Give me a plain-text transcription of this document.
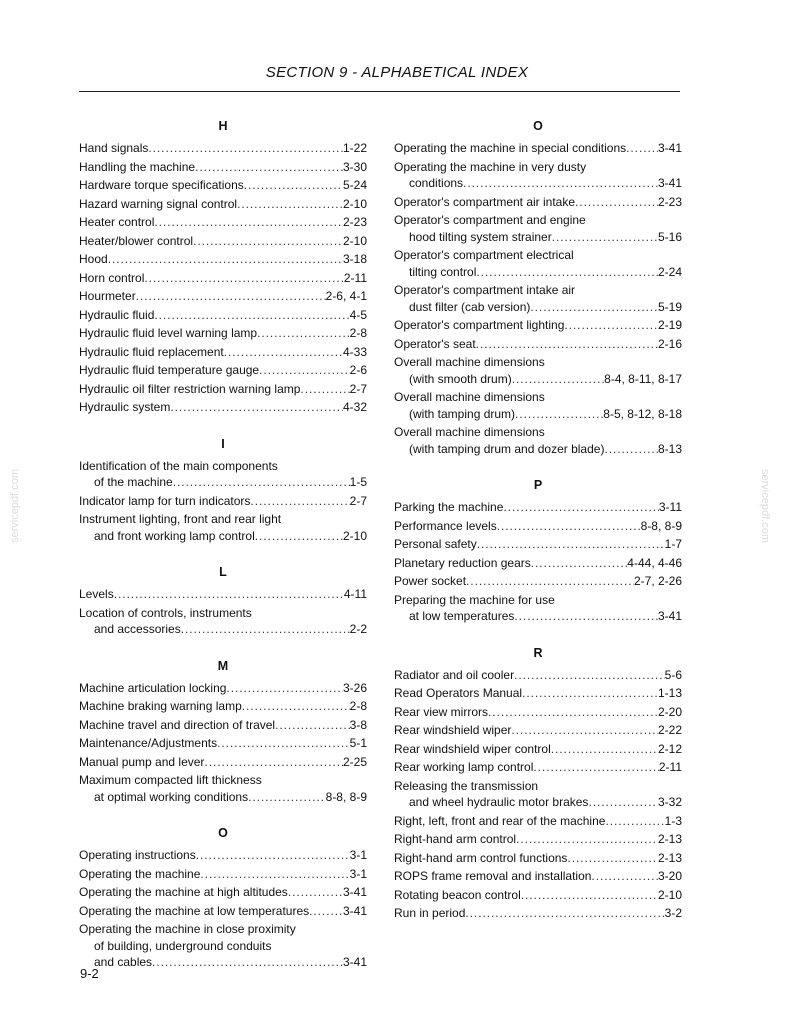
SECTION 9 - ALPHABETICAL INDEX
H
Hand signals . . .	1-22
Handling the machine . . .	3-30
Hardware torque specifications . . .	5-24
Hazard warning signal control . . .	2-10
Heater control . . .	2-23
Heater/blower control . . .	2-10
Hood . . .	3-18
Horn control . . .	2-11
Hourmeter . . .	2-6, 4-1
Hydraulic fluid . . .	4-5
Hydraulic fluid level warning lamp . . .	2-8
Hydraulic fluid replacement . . .	4-33
Hydraulic fluid temperature gauge . . .	2-6
Hydraulic oil filter restriction warning lamp . . .	2-7
Hydraulic system . . .	4-32
I
Identification of the main components
of the machine . . .	1-5
Indicator lamp for turn indicators . . .	2-7
Instrument lighting, front and rear light
and front working lamp control . . .	2-10
L
Levels . . .	4-11
Location of controls, instruments
and accessories . . .	2-2
M
Machine articulation locking . . .	3-26
Machine braking warning lamp . . .	2-8
Machine travel and direction of travel . . .	3-8
Maintenance/Adjustments . . .	5-1
Manual pump and lever . . .	2-25
Maximum compacted lift thickness
at optimal working conditions . . .	8-8, 8-9
O
Operating instructions . . .	3-1
Operating the machine . . .	3-1
Operating the machine at high altitudes . . .	3-41
Operating the machine at low temperatures . . .	3-41
Operating the machine in close proximity
of building, underground conduits
and cables . . .	3-41
O
Operating the machine in special conditions . . .	3-41
Operating the machine in very dusty
conditions . . .	3-41
Operator's compartment air intake . . .	2-23
Operator's compartment and engine
hood tilting system strainer . . .	5-16
Operator's compartment electrical
tilting control . . .	2-24
Operator's compartment intake air
dust filter (cab version) . . .	5-19
Operator's compartment lighting . . .	2-19
Operator's seat . . .	2-16
Overall machine dimensions
(with smooth drum) . . .	8-4, 8-11, 8-17
Overall machine dimensions
(with tamping drum) . . .	8-5, 8-12, 8-18
Overall machine dimensions
(with tamping drum and dozer blade) . . .	8-13
P
Parking the machine . . .	3-11
Performance levels . . .	8-8, 8-9
Personal safety . . .	1-7
Planetary reduction gears . . .	4-44, 4-46
Power socket . . .	2-7, 2-26
Preparing the machine for use
at low temperatures . . .	3-41
R
Radiator and oil cooler . . .	5-6
Read Operators Manual . . .	1-13
Rear view mirrors . . .	2-20
Rear windshield wiper . . .	2-22
Rear windshield wiper control . . .	2-12
Rear working lamp control . . .	2-11
Releasing the transmission
and wheel hydraulic motor brakes . . .	3-32
Right, left, front and rear of the machine . . .	1-3
Right-hand arm control . . .	2-13
Right-hand arm control functions . . .	2-13
ROPS frame removal and installation . . .	3-20
Rotating beacon control . . .	2-10
Run in period . . .	3-2
9-2
servicepdf.com	servicepdf.com
